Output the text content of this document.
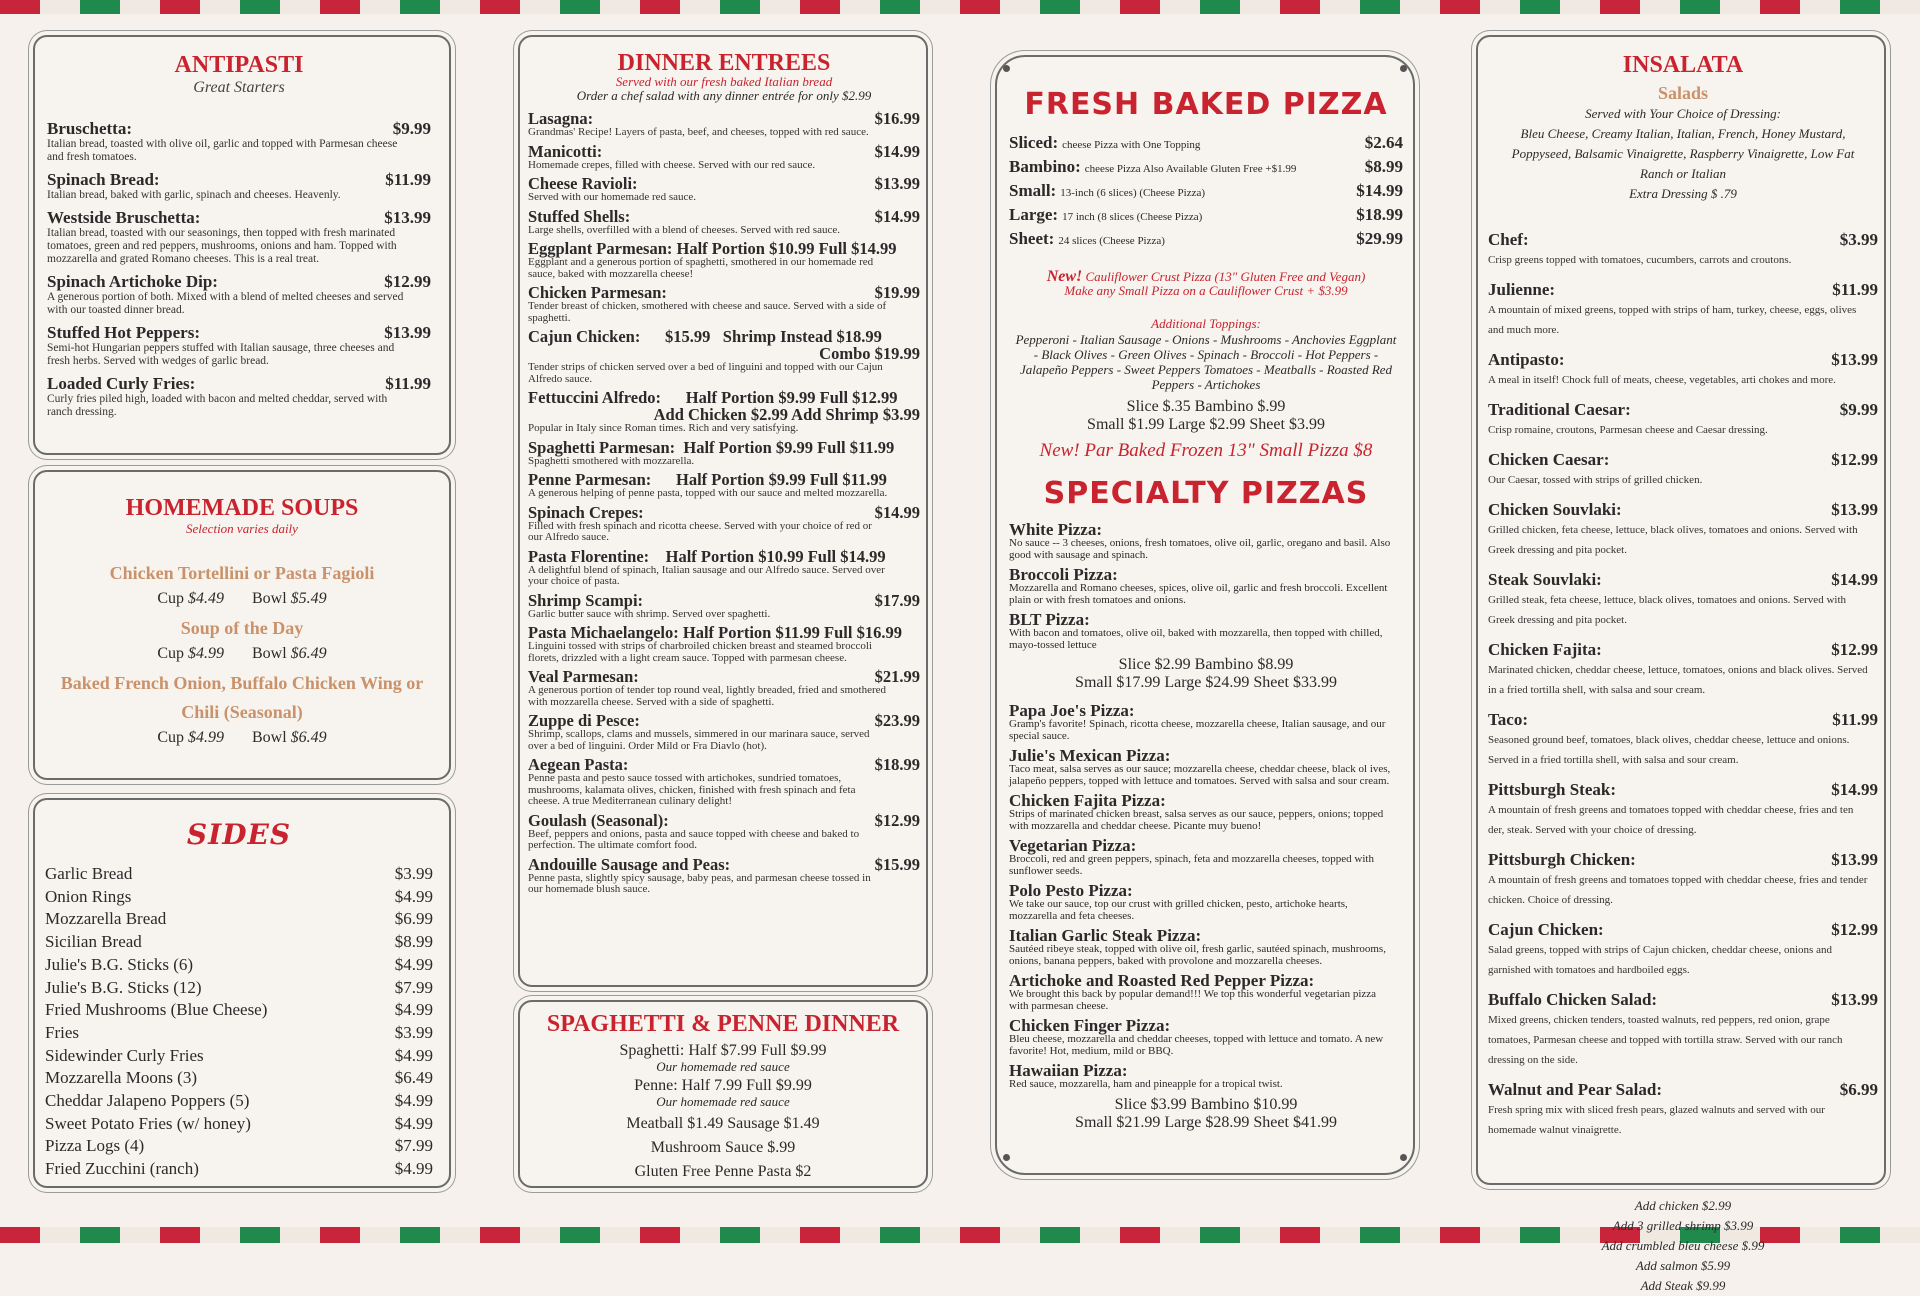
ANTIPASTI
Great Starters
Bruschetta:	$9.99
Italian bread, toasted with olive oil, garlic and topped with Parmesan cheese and fresh tomatoes.
Spinach Bread:	$11.99
Italian bread, baked with garlic, spinach and cheeses. Heavenly.
Westside Bruschetta:	$13.99
Italian bread, toasted with our seasonings, then topped with fresh marinated tomatoes, green and red peppers, mushrooms, onions and ham. Topped with mozzarella and grated Romano cheeses. This is a real treat.
Spinach Artichoke Dip:	$12.99
A generous portion of both. Mixed with a blend of melted cheeses and served with our toasted dinner bread.
Stuffed Hot Peppers:	$13.99
Semi-hot Hungarian peppers stuffed with Italian sausage, three cheeses and fresh herbs. Served with wedges of garlic bread.
Loaded Curly Fries:	$11.99
Curly fries piled high, loaded with bacon and melted cheddar, served with ranch dressing.
HOMEMADE SOUPS
Selection varies daily
Chicken Tortellini or Pasta Fagioli
Cup $4.49 Bowl $5.49
Soup of the Day
Cup $4.99 Bowl $6.49
Baked French Onion, Buffalo Chicken Wing or Chili (Seasonal)
Cup $4.99 Bowl $6.49
SIDES
Garlic Bread	$3.99
Onion Rings	$4.99
Mozzarella Bread	$6.99
Sicilian Bread	$8.99
Julie's B.G. Sticks (6)	$4.99
Julie's B.G. Sticks (12)	$7.99
Fried Mushrooms (Blue Cheese)	$4.99
Fries	$3.99
Sidewinder Curly Fries	$4.99
Mozzarella Moons (3)	$6.49
Cheddar Jalapeno Poppers (5)	$4.99
Sweet Potato Fries (w/ honey)	$4.99
Pizza Logs (4)	$7.99
Fried Zucchini (ranch)	$4.99
DINNER ENTREES
Served with our fresh baked Italian bread
Order a chef salad with any dinner entrée for only $2.99
Lasagna:	$16.99
Grandmas' Recipe! Layers of pasta, beef, and cheeses, topped with red sauce.
Manicotti:	$14.99
Homemade crepes, filled with cheese. Served with our red sauce.
Cheese Ravioli:	$13.99
Served with our homemade red sauce.
Stuffed Shells:	$14.99
Large shells, overfilled with a blend of cheeses. Served with red sauce.
Eggplant Parmesan: Half Portion $10.99 Full $14.99
Eggplant and a generous portion of spaghetti, smothered in our homemade red sauce, baked with mozzarella cheese!
Chicken Parmesan:	$19.99
Tender breast of chicken, smothered with cheese and sauce. Served with a side of spaghetti.
Cajun Chicken:      $15.99   Shrimp Instead $18.99
Combo $19.99
Tender strips of chicken served over a bed of linguini and topped with our Cajun Alfredo sauce.
Fettuccini Alfredo:      Half Portion $9.99 Full $12.99
Add Chicken $2.99 Add Shrimp $3.99
Popular in Italy since Roman times. Rich and very satisfying.
Spaghetti Parmesan:  Half Portion $9.99 Full $11.99
Spaghetti smothered with mozzarella.
Penne Parmesan:      Half Portion $9.99 Full $11.99
A generous helping of penne pasta, topped with our sauce and melted mozzarella.
Spinach Crepes:	$14.99
Filled with fresh spinach and ricotta cheese. Served with your choice of red or our Alfredo sauce.
Pasta Florentine:    Half Portion $10.99 Full $14.99
A delightful blend of spinach, Italian sausage and our Alfredo sauce. Served over your choice of pasta.
Shrimp Scampi:	$17.99
Garlic butter sauce with shrimp. Served over spaghetti.
Pasta Michaelangelo: Half Portion $11.99 Full $16.99
Linguini tossed with strips of charbroiled chicken breast and steamed broccoli florets, drizzled with a light cream sauce. Topped with parmesan cheese.
Veal Parmesan:	$21.99
A generous portion of tender top round veal, lightly breaded, fried and smothered with mozzarella cheese. Served with a side of spaghetti.
Zuppe di Pesce:	$23.99
Shrimp, scallops, clams and mussels, simmered in our marinara sauce, served over a bed of linguini. Order Mild or Fra Diavlo (hot).
Aegean Pasta:	$18.99
Penne pasta and pesto sauce tossed with artichokes, sundried tomatoes, mushrooms, kalamata olives, chicken, finished with fresh spinach and feta cheese. A true Mediterranean culinary delight!
Goulash (Seasonal):	$12.99
Beef, peppers and onions, pasta and sauce topped with cheese and baked to perfection. The ultimate comfort food.
Andouille Sausage and Peas:	$15.99
Penne pasta, slightly spicy sausage, baby peas, and parmesan cheese tossed in our homemade blush sauce.
SPAGHETTI & PENNE DINNER
Spaghetti: Half $7.99 Full $9.99
Our homemade red sauce
Penne: Half 7.99 Full $9.99
Our homemade red sauce
Meatball $1.49 Sausage $1.49
Mushroom Sauce $.99
Gluten Free Penne Pasta $2
FRESH BAKED PIZZA
Sliced: cheese Pizza with One Topping	$2.64
Bambino: cheese Pizza Also Available Gluten Free +$1.99	$8.99
Small: 13-inch (6 slices) (Cheese Pizza)	$14.99
Large: 17 inch (8 slices (Cheese Pizza)	$18.99
Sheet: 24 slices (Cheese Pizza)	$29.99
New! Cauliflower Crust Pizza (13" Gluten Free and Vegan)
Make any Small Pizza on a Cauliflower Crust + $3.99
Additional Toppings:
Pepperoni - Italian Sausage - Onions - Mushrooms - Anchovies Eggplant - Black Olives - Green Olives - Spinach - Broccoli - Hot Peppers - Jalapeño Peppers - Sweet Peppers Tomatoes - Meatballs - Roasted Red Peppers - Artichokes
Slice $.35 Bambino $.99
Small $1.99 Large $2.99 Sheet $3.99
New! Par Baked Frozen 13" Small Pizza $8
SPECIALTY PIZZAS
White Pizza:
No sauce -- 3 cheeses, onions, fresh tomatoes, olive oil, garlic, oregano and basil. Also good with sausage and spinach.
Broccoli Pizza:
Mozzarella and Romano cheeses, spices, olive oil, garlic and fresh broccoli. Excellent plain or with fresh tomatoes and onions.
BLT Pizza:
With bacon and tomatoes, olive oil, baked with mozzarella, then topped with chilled, mayo-tossed lettuce
Slice $2.99 Bambino $8.99
Small $17.99 Large $24.99 Sheet $33.99
Papa Joe's Pizza:
Gramp's favorite! Spinach, ricotta cheese, mozzarella cheese, Italian sausage, and our special sauce.
Julie's Mexican Pizza:
Taco meat, salsa serves as our sauce; mozzarella cheese, cheddar cheese, black ol ives, jalapeño peppers, topped with lettuce and tomatoes. Served with salsa and sour cream.
Chicken Fajita Pizza:
Strips of marinated chicken breast, salsa serves as our sauce, peppers, onions; topped with mozzarella and cheddar cheese. Picante muy bueno!
Vegetarian Pizza:
Broccoli, red and green peppers, spinach, feta and mozzarella cheeses, topped with sunflower seeds.
Polo Pesto Pizza:
We take our sauce, top our crust with grilled chicken, pesto, artichoke hearts, mozzarella and feta cheeses.
Italian Garlic Steak Pizza:
Sautéed ribeye steak, topped with olive oil, fresh garlic, sautéed spinach, mushrooms, onions, banana peppers, baked with provolone and mozzarella cheeses.
Artichoke and Roasted Red Pepper Pizza:
We brought this back by popular demand!!! We top this wonderful vegetarian pizza with parmesan cheese.
Chicken Finger Pizza:
Bleu cheese, mozzarella and cheddar cheeses, topped with lettuce and tomato. A new favorite! Hot, medium, mild or BBQ.
Hawaiian Pizza:
Red sauce, mozzarella, ham and pineapple for a tropical twist.
Slice $3.99 Bambino $10.99
Small $21.99 Large $28.99 Sheet $41.99
INSALATA
Salads
Served with Your Choice of Dressing:
Bleu Cheese, Creamy Italian, Italian, French, Honey Mustard, Poppyseed, Balsamic Vinaigrette, Raspberry Vinaigrette, Low Fat Ranch or Italian
Extra Dressing $ .79
Chef:	$3.99
Crisp greens topped with tomatoes, cucumbers, carrots and croutons.
Julienne:	$11.99
A mountain of mixed greens, topped with strips of ham, turkey, cheese, eggs, olives and much more.
Antipasto:	$13.99
A meal in itself! Chock full of meats, cheese, vegetables, arti chokes and more.
Traditional Caesar:	$9.99
Crisp romaine, croutons, Parmesan cheese and Caesar dressing.
Chicken Caesar:	$12.99
Our Caesar, tossed with strips of grilled chicken.
Chicken Souvlaki:	$13.99
Grilled chicken, feta cheese, lettuce, black olives, tomatoes and onions. Served with Greek dressing and pita pocket.
Steak Souvlaki:	$14.99
Grilled steak, feta cheese, lettuce, black olives, tomatoes and onions. Served with Greek dressing and pita pocket.
Chicken Fajita:	$12.99
Marinated chicken, cheddar cheese, lettuce, tomatoes, onions and black olives. Served in a fried tortilla shell, with salsa and sour cream.
Taco:	$11.99
Seasoned ground beef, tomatoes, black olives, cheddar cheese, lettuce and onions. Served in a fried tortilla shell, with salsa and sour cream.
Pittsburgh Steak:	$14.99
A mountain of fresh greens and tomatoes topped with cheddar cheese, fries and ten der, steak. Served with your choice of dressing.
Pittsburgh Chicken:	$13.99
A mountain of fresh greens and tomatoes topped with cheddar cheese, fries and tender chicken. Choice of dressing.
Cajun Chicken:	$12.99
Salad greens, topped with strips of Cajun chicken, cheddar cheese, onions and garnished with tomatoes and hardboiled eggs.
Buffalo Chicken Salad:	$13.99
Mixed greens, chicken tenders, toasted walnuts, red peppers, red onion, grape tomatoes, Parmesan cheese and topped with tortilla straw. Served with our ranch dressing on the side.
Walnut and Pear Salad:	$6.99
Fresh spring mix with sliced fresh pears, glazed walnuts and served with our homemade walnut vinaigrette.
Add chicken $2.99
Add 3 grilled shrimp $3.99
Add crumbled bleu cheese $.99
Add salmon $5.99
Add Steak $9.99
